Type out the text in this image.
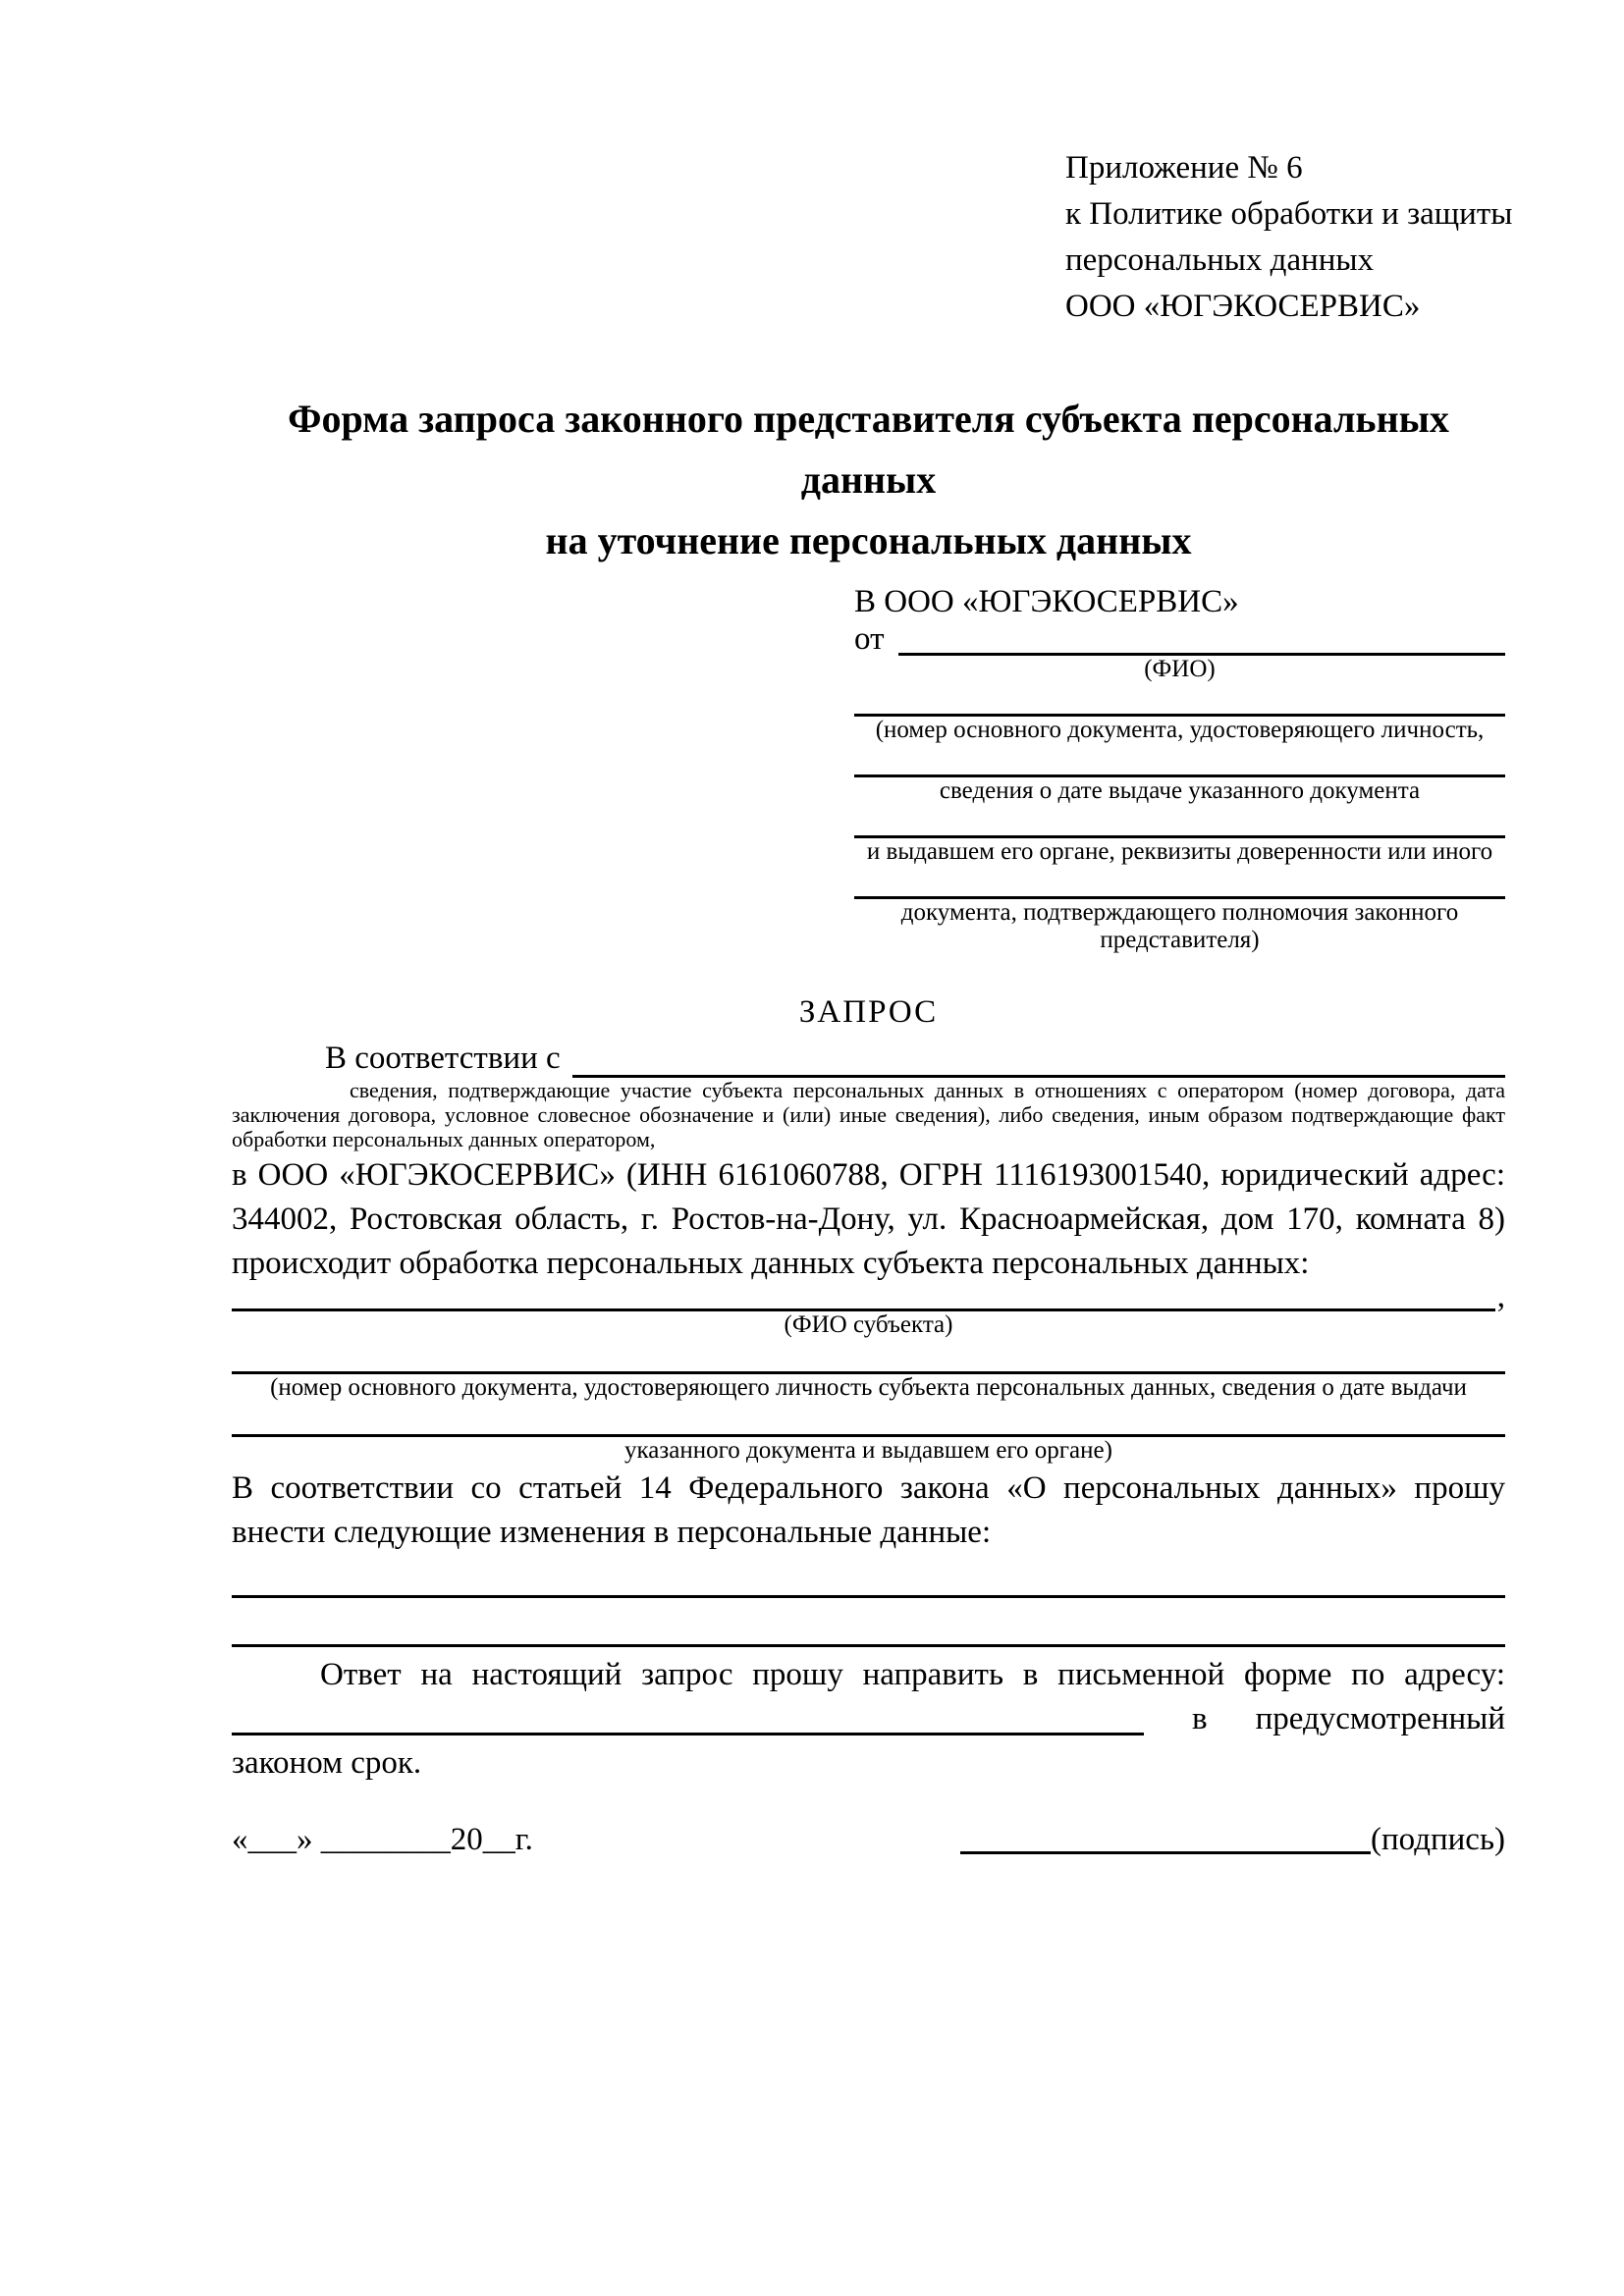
Приложение № 6
к Политике обработки и защиты
персональных данных
ООО «ЮГЭКОСЕРВИС»
Форма запроса законного представителя субъекта персональных данных
на уточнение персональных данных
В ООО «ЮГЭКОСЕРВИС»
от
(ФИО)
(номер основного документа, удостоверяющего личность,
сведения о дате выдаче указанного документа
и выдавшем его органе, реквизиты доверенности или иного
документа, подтверждающего полномочия законного представителя)
ЗАПРОС
В соответствии с
сведения, подтверждающие участие субъекта персональных данных в отношениях с оператором (номер договора, дата
заключения договора, условное словесное обозначение и (или) иные сведения), либо сведения, иным образом подтверждающие факт
обработки персональных данных оператором,
в ООО «ЮГЭКОСЕРВИС» (ИНН 6161060788, ОГРН 1116193001540, юридический адрес:
344002, Ростовская область, г. Ростов-на-Дону, ул. Красноармейская, дом 170, комната 8)
происходит обработка персональных данных субъекта персональных данных:
,
(ФИО субъекта)
(номер основного документа, удостоверяющего личность субъекта персональных данных, сведения о дате выдачи
указанного документа и выдавшем его органе)
В соответствии со статьей 14 Федерального закона «О персональных данных» прошу
внести следующие изменения в персональные данные:
Ответ на настоящий запрос прошу направить в письменной форме по адресу:
в предусмотренный
законом срок.
«___» ________20__г.	(подпись)
